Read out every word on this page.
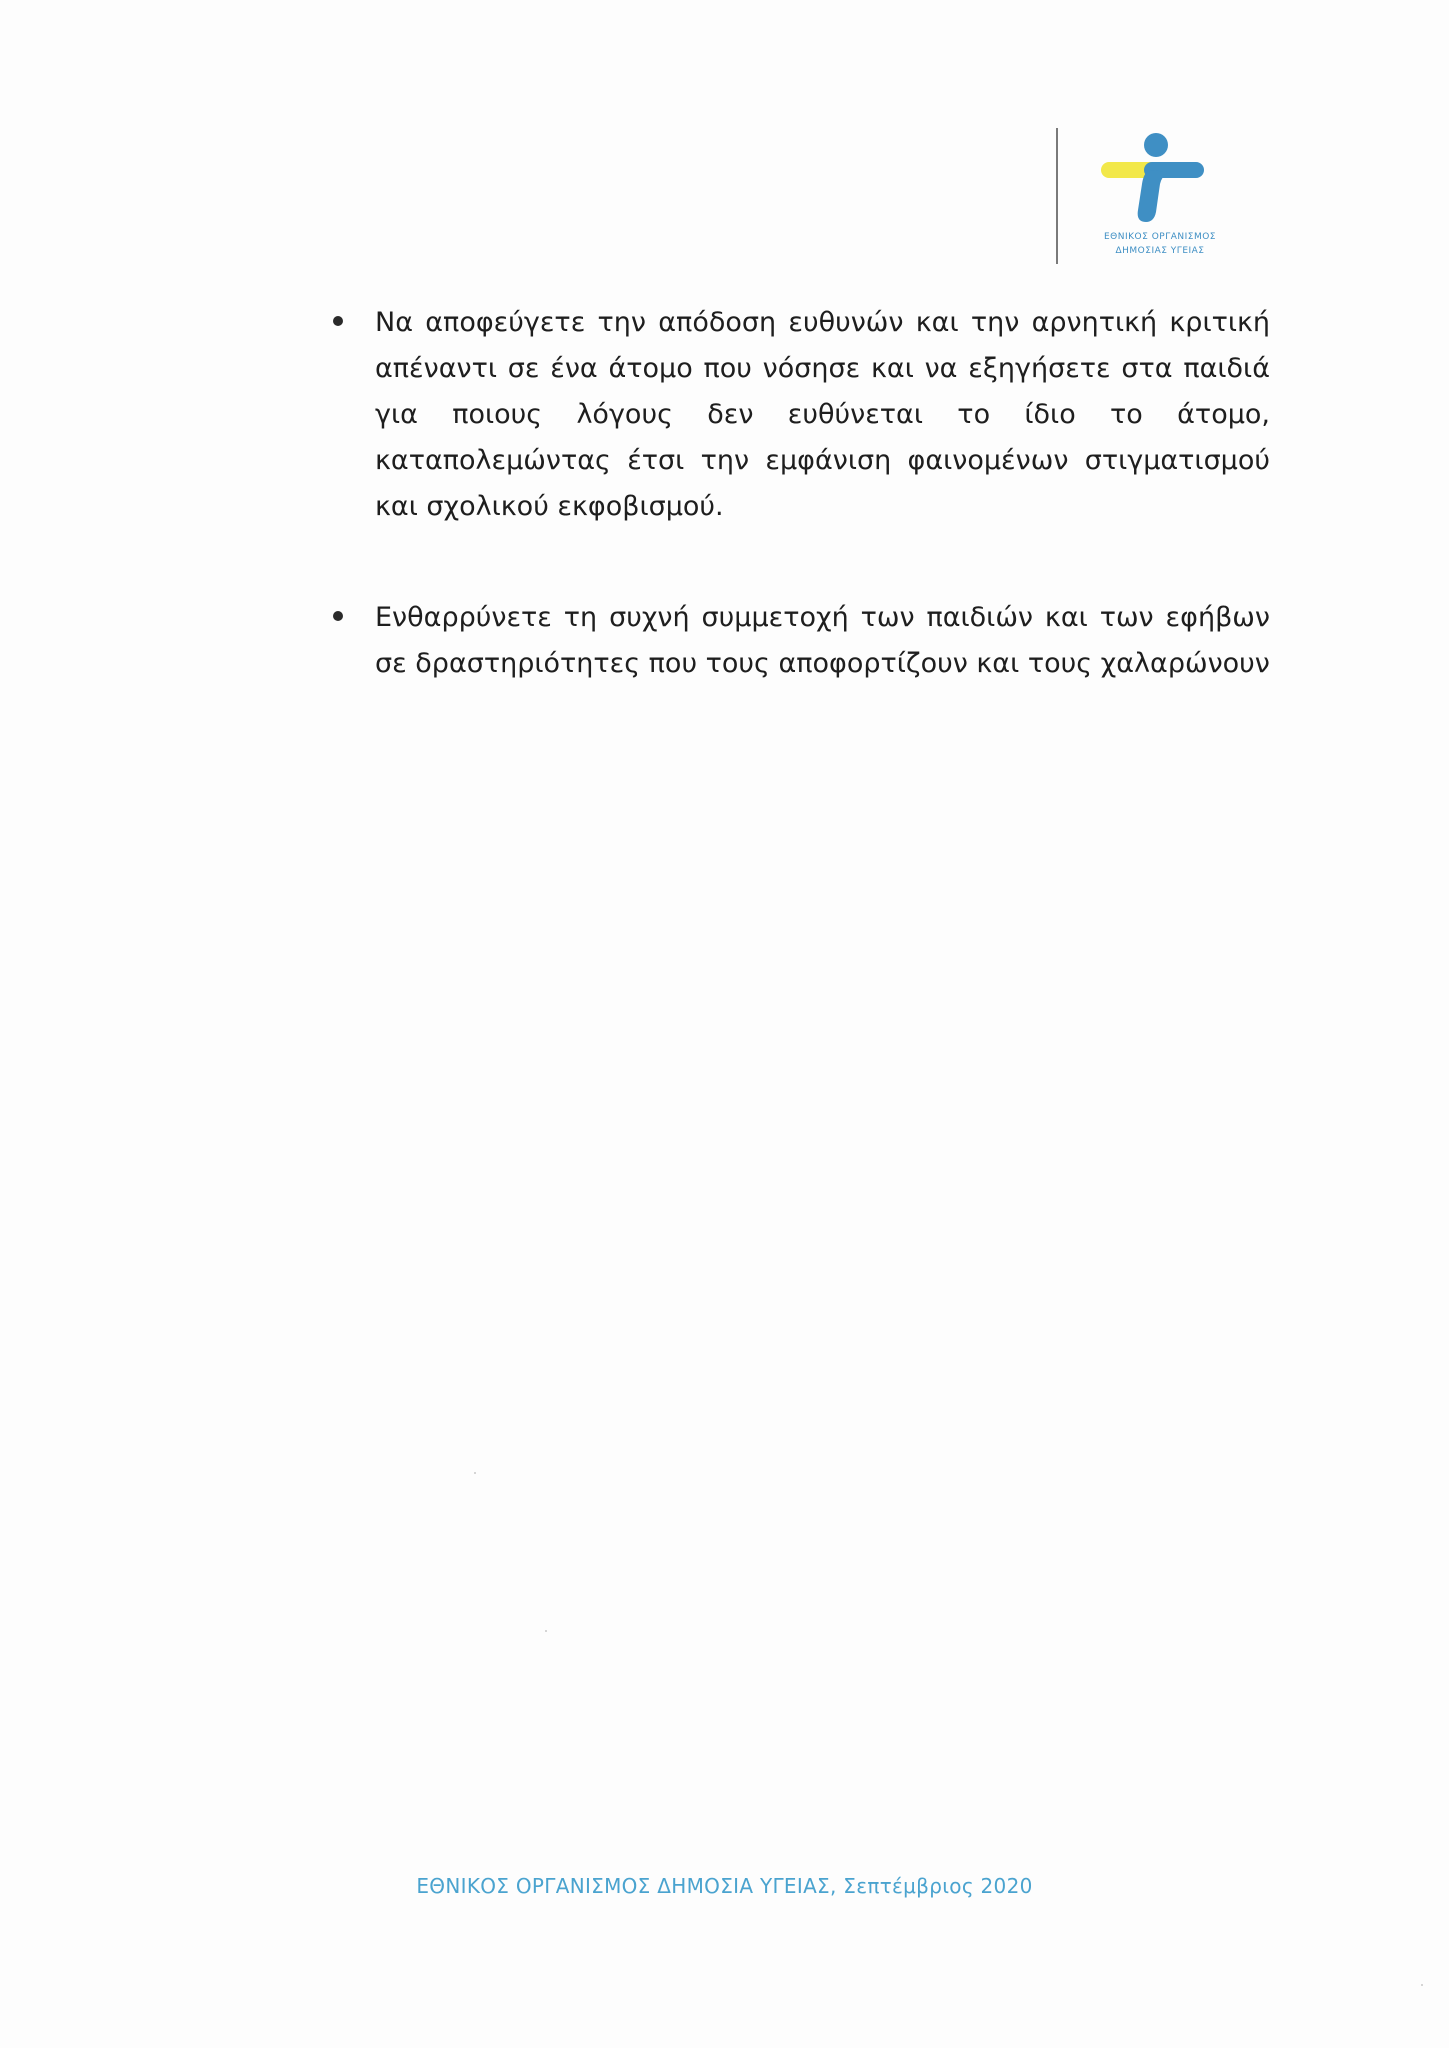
ΕΘΝΙΚΟΣ ΟΡΓΑΝΙΣΜΟΣ
ΔΗΜΟΣΙΑΣ ΥΓΕΙΑΣ
Να αποφεύγετε την απόδοση ευθυνών και την αρνητική κριτική απέναντι σε ένα άτομο που νόσησε και να εξηγήσετε στα παιδιά για ποιους λόγους δεν ευθύνεται το ίδιο το άτομο, καταπολεμώντας έτσι την εμφάνιση φαινομένων στιγματισμού και σχολικού εκφοβισμού.
Ενθαρρύνετε τη συχνή συμμετοχή των παιδιών και των εφήβων σε δραστηριότητες που τους αποφορτίζουν και τους χαλαρώνουν
ΕΘΝΙΚΟΣ ΟΡΓΑΝΙΣΜΟΣ ΔΗΜΟΣΙΑ ΥΓΕΙΑΣ, Σεπτέμβριος 2020
